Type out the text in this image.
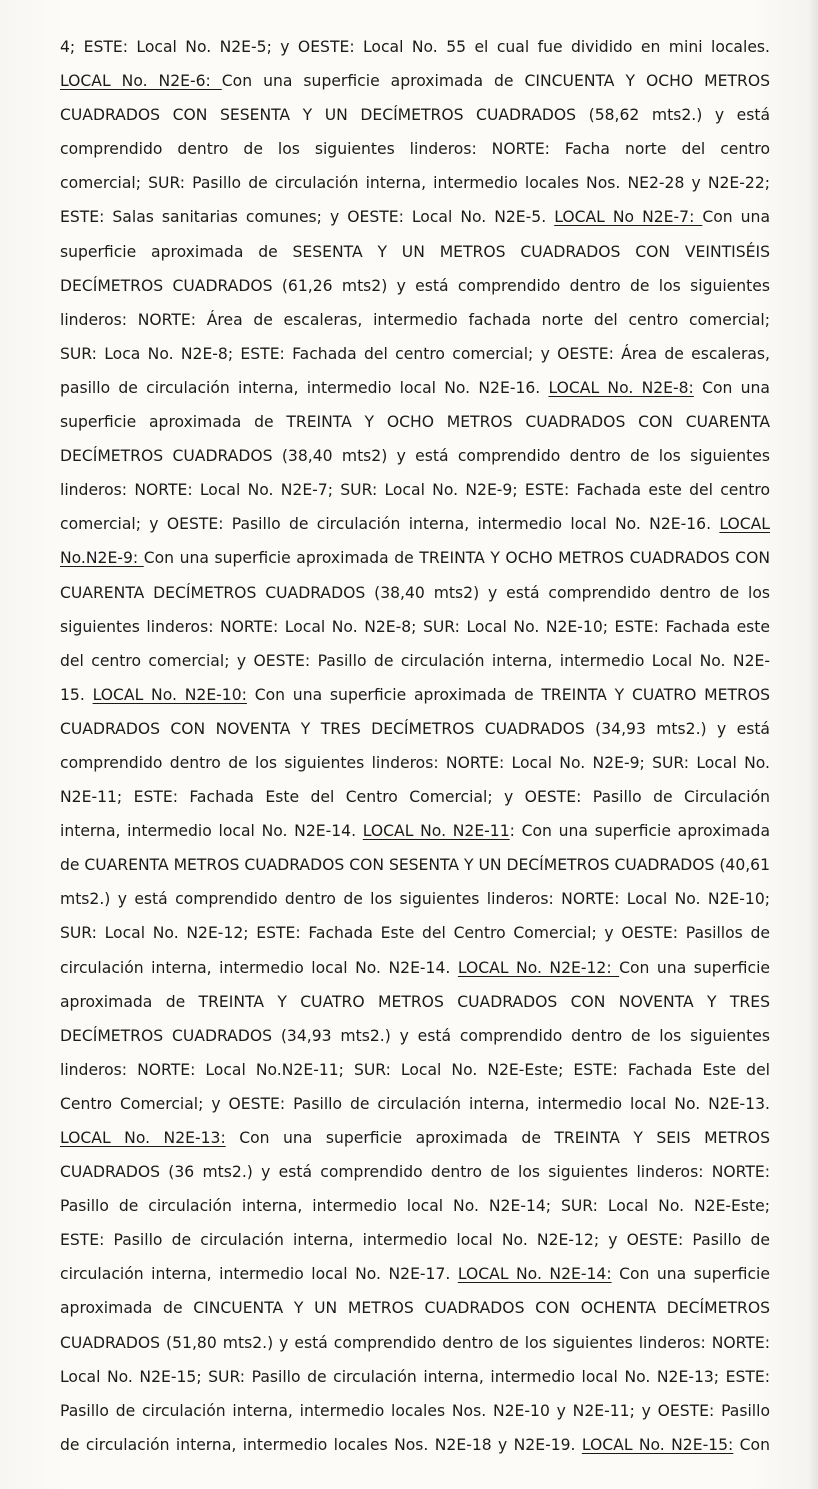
4; ESTE: Local No. N2E-5; y OESTE: Local No. 55 el cual fue dividido en mini locales.
LOCAL No. N2E-6: Con una superficie aproximada de CINCUENTA Y OCHO METROS
CUADRADOS CON SESENTA Y UN DECÍMETROS CUADRADOS (58,62 mts2.) y está
comprendido dentro de los siguientes linderos: NORTE: Facha norte del centro
comercial; SUR: Pasillo de circulación interna, intermedio locales Nos. NE2-28 y N2E-22;
ESTE: Salas sanitarias comunes; y OESTE: Local No. N2E-5. LOCAL No N2E-7: Con una
superficie aproximada de SESENTA Y UN METROS CUADRADOS CON VEINTISÉIS
DECÍMETROS CUADRADOS (61,26 mts2) y está comprendido dentro de los siguientes
linderos: NORTE: Área de escaleras, intermedio fachada norte del centro comercial;
SUR: Loca No. N2E-8; ESTE: Fachada del centro comercial; y OESTE: Área de escaleras,
pasillo de circulación interna, intermedio local No. N2E-16. LOCAL No. N2E-8: Con una
superficie aproximada de TREINTA Y OCHO METROS CUADRADOS CON CUARENTA
DECÍMETROS CUADRADOS (38,40 mts2) y está comprendido dentro de los siguientes
linderos: NORTE: Local No. N2E-7; SUR: Local No. N2E-9; ESTE: Fachada este del centro
comercial; y OESTE: Pasillo de circulación interna, intermedio local No. N2E-16. LOCAL
No.N2E-9: Con una superficie aproximada de TREINTA Y OCHO METROS CUADRADOS CON
CUARENTA DECÍMETROS CUADRADOS (38,40 mts2) y está comprendido dentro de los
siguientes linderos: NORTE: Local No. N2E-8; SUR: Local No. N2E-10; ESTE: Fachada este
del centro comercial; y OESTE: Pasillo de circulación interna, intermedio Local No. N2E-
15. LOCAL No. N2E-10: Con una superficie aproximada de TREINTA Y CUATRO METROS
CUADRADOS CON NOVENTA Y TRES DECÍMETROS CUADRADOS (34,93 mts2.) y está
comprendido dentro de los siguientes linderos: NORTE: Local No. N2E-9; SUR: Local No.
N2E-11; ESTE: Fachada Este del Centro Comercial; y OESTE: Pasillo de Circulación
interna, intermedio local No. N2E-14. LOCAL No. N2E-11: Con una superficie aproximada
de CUARENTA METROS CUADRADOS CON SESENTA Y UN DECÍMETROS CUADRADOS (40,61
mts2.) y está comprendido dentro de los siguientes linderos: NORTE: Local No. N2E-10;
SUR: Local No. N2E-12; ESTE: Fachada Este del Centro Comercial; y OESTE: Pasillos de
circulación interna, intermedio local No. N2E-14. LOCAL No. N2E-12: Con una superficie
aproximada de TREINTA Y CUATRO METROS CUADRADOS CON NOVENTA Y TRES
DECÍMETROS CUADRADOS (34,93 mts2.) y está comprendido dentro de los siguientes
linderos: NORTE: Local No.N2E-11; SUR: Local No. N2E-Este; ESTE: Fachada Este del
Centro Comercial; y OESTE: Pasillo de circulación interna, intermedio local No. N2E-13.
LOCAL No. N2E-13: Con una superficie aproximada de TREINTA Y SEIS METROS
CUADRADOS (36 mts2.) y está comprendido dentro de los siguientes linderos: NORTE:
Pasillo de circulación interna, intermedio local No. N2E-14; SUR: Local No. N2E-Este;
ESTE: Pasillo de circulación interna, intermedio local No. N2E-12; y OESTE: Pasillo de
circulación interna, intermedio local No. N2E-17. LOCAL No. N2E-14: Con una superficie
aproximada de CINCUENTA Y UN METROS CUADRADOS CON OCHENTA DECÍMETROS
CUADRADOS (51,80 mts2.) y está comprendido dentro de los siguientes linderos: NORTE:
Local No. N2E-15; SUR: Pasillo de circulación interna, intermedio local No. N2E-13; ESTE:
Pasillo de circulación interna, intermedio locales Nos. N2E-10 y N2E-11; y OESTE: Pasillo
de circulación interna, intermedio locales Nos. N2E-18 y N2E-19. LOCAL No. N2E-15: Con
